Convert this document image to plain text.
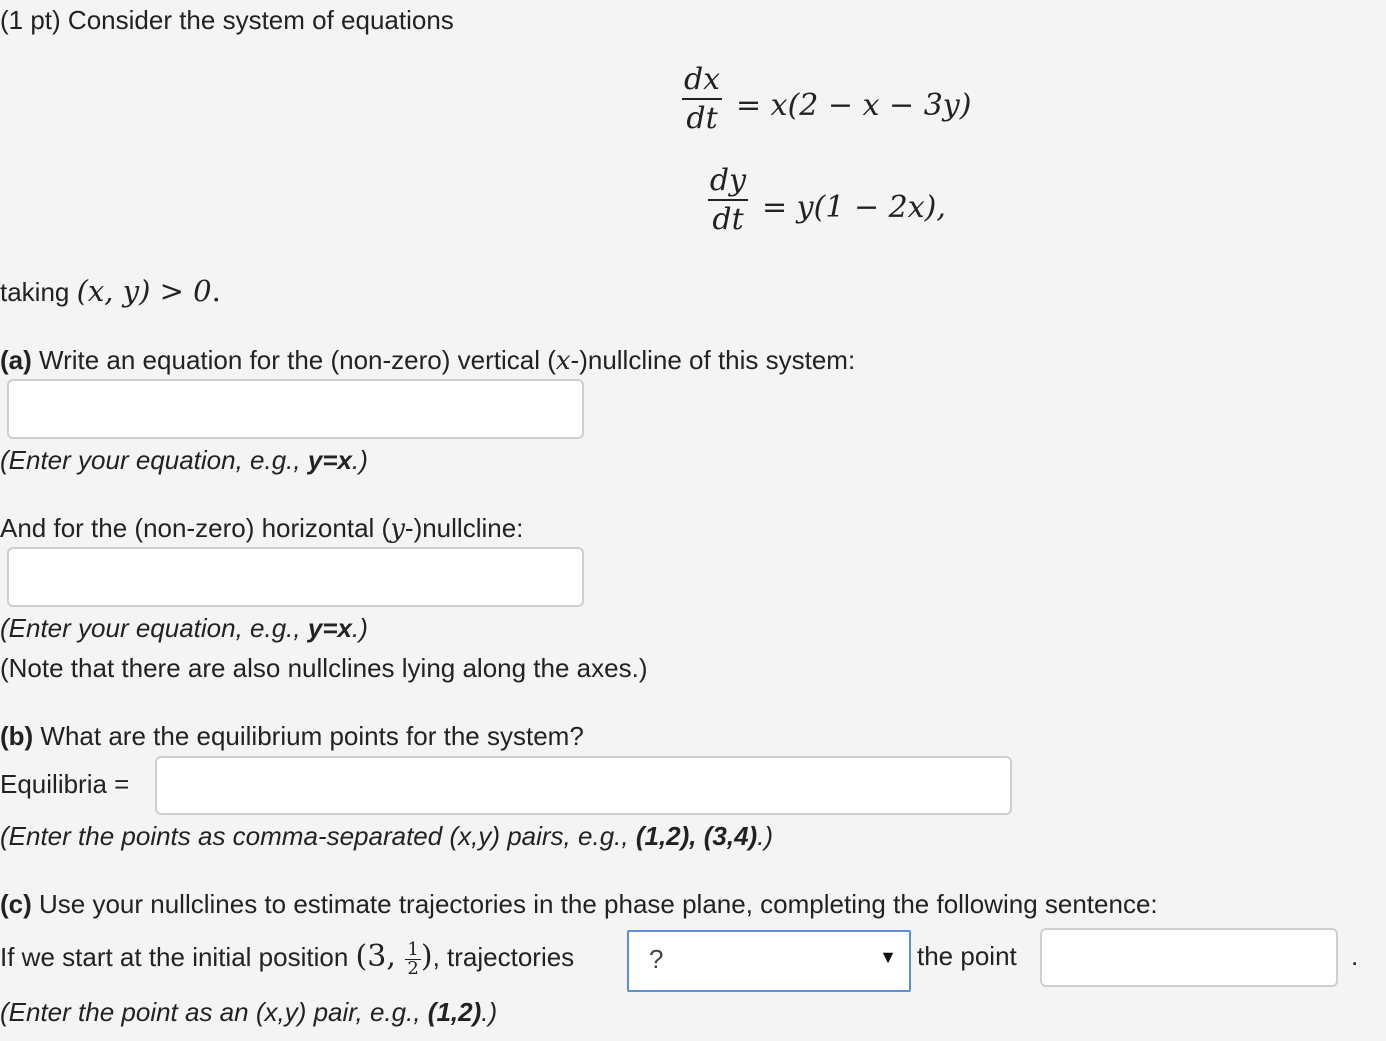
(1 pt) Consider the system of equations
dx
dt = x(2 − x − 3y)
dy
dt = y(1 − 2x),
taking (x, y) > 0.
(a) Write an equation for the (non-zero) vertical (x-)nullcline of this system:
(Enter your equation, e.g., y=x.)
And for the (non-zero) horizontal (y-)nullcline:
(Enter your equation, e.g., y=x.)
(Note that there are also nullclines lying along the axes.)
(b) What are the equilibrium points for the system?
Equilibria =
(Enter the points as comma-separated (x,y) pairs, e.g., (1,2), (3,4).)
(c) Use your nullclines to estimate trajectories in the phase plane, completing the following sentence:
If we start at the initial position (3, $\frac{1}{2}$ ), trajectories	?	▼ the point	.
(Enter the point as an (x,y) pair, e.g., (1,2).)
